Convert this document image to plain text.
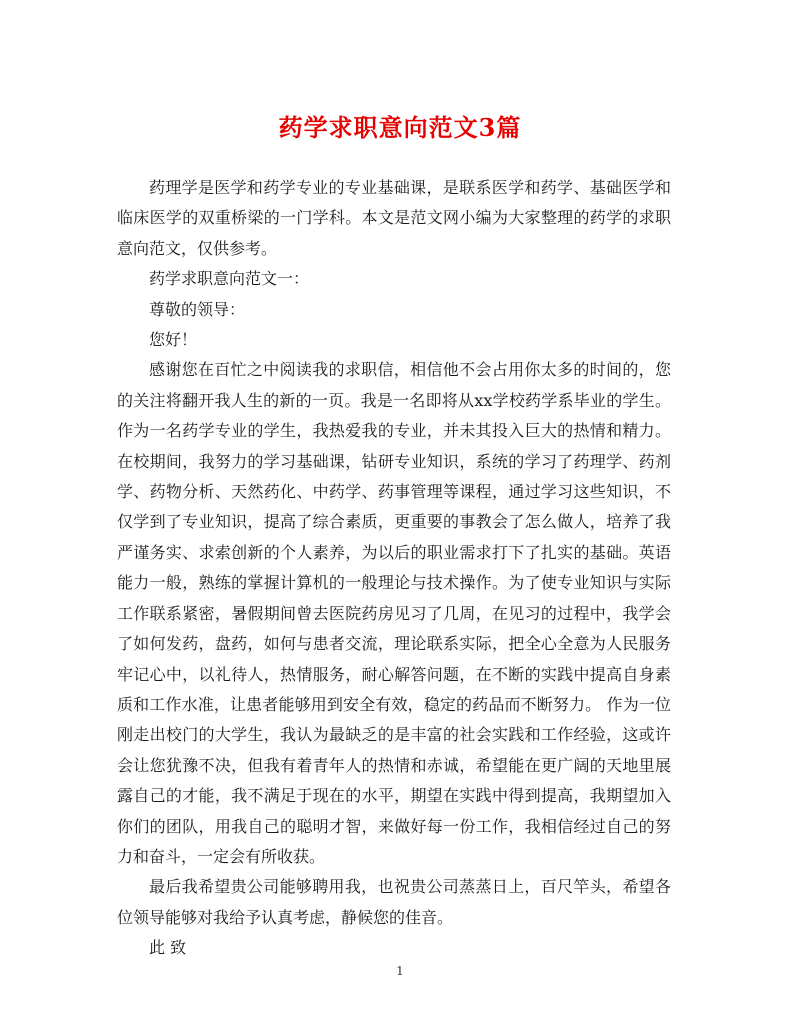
药学求职意向范文3篇

药理学是医学和药学专业的专业基础课，是联系医学和药学、基础医学和临床医学的双重桥梁的一门学科。本文是范文网小编为大家整理的药学的求职意向范文，仅供参考。

药学求职意向范文一：

尊敬的领导：

您好！

感谢您在百忙之中阅读我的求职信，相信他不会占用你太多的时间的，您的关注将翻开我人生的新的一页。我是一名即将从xx学校药学系毕业的学生。作为一名药学专业的学生，我热爱我的专业，并未其投入巨大的热情和精力。 在校期间，我努力的学习基础课，钻研专业知识，系统的学习了药理学、药剂学、药物分析、天然药化、中药学、药事管理等课程，通过学习这些知识，不仅学到了专业知识，提高了综合素质，更重要的事教会了怎么做人，培养了我严谨务实、求索创新的个人素养，为以后的职业需求打下了扎实的基础。英语能力一般，熟练的掌握计算机的一般理论与技术操作。为了使专业知识与实际工作联系紧密，暑假期间曾去医院药房见习了几周，在见习的过程中，我学会了如何发药，盘药，如何与患者交流，理论联系实际，把全心全意为人民服务牢记心中，以礼待人，热情服务，耐心解答问题，在不断的实践中提高自身素质和工作水准，让患者能够用到安全有效，稳定的药品而不断努力。 作为一位刚走出校门的大学生，我认为最缺乏的是丰富的社会实践和工作经验，这或许会让您犹豫不决，但我有着青年人的热情和赤诚，希望能在更广阔的天地里展露自己的才能，我不满足于现在的水平，期望在实践中得到提高，我期望加入你们的团队，用我自己的聪明才智，来做好每一份工作，我相信经过自己的努力和奋斗，一定会有所收获。

最后我希望贵公司能够聘用我，也祝贵公司蒸蒸日上，百尺竿头，希望各位领导能够对我给予认真考虑，静候您的佳音。

此 致

1
